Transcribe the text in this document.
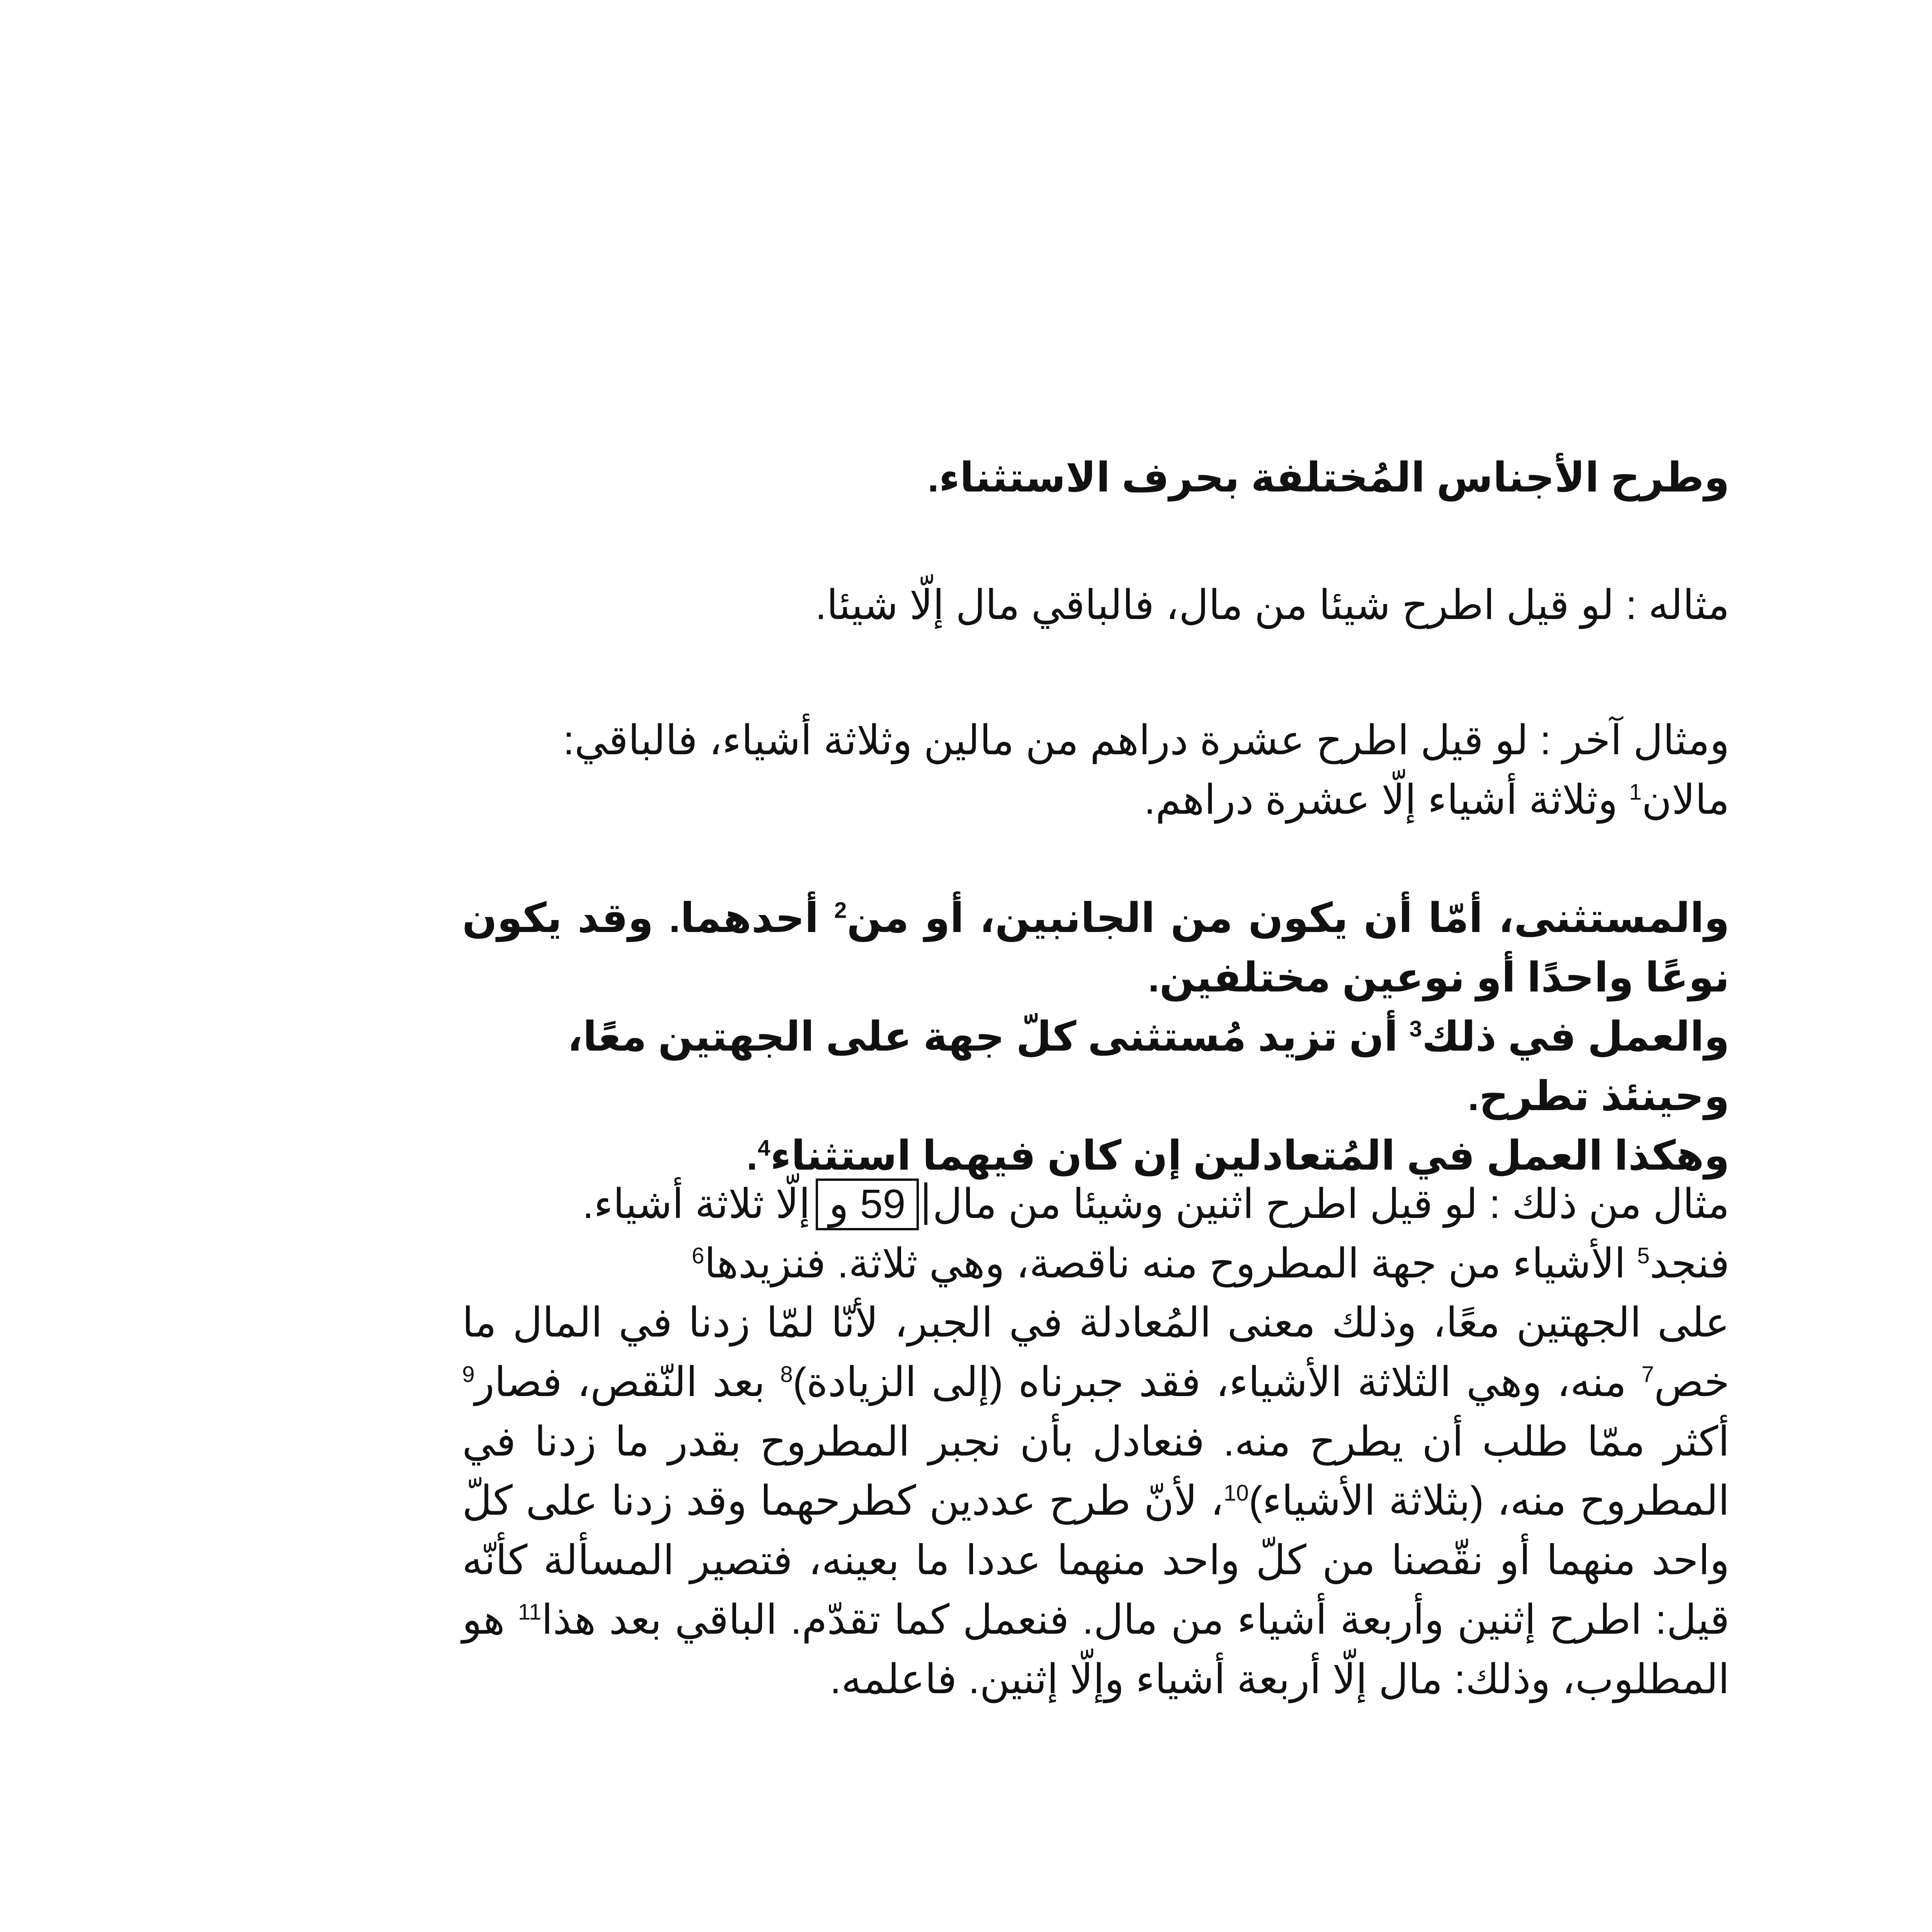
وطرح الأجناس المُختلفة بحرف الاستثناء.

مثاله : لو قيل اطرح شيئا من مال، فالباقي مال إلّا شيئا.

ومثال آخر : لو قيل اطرح عشرة دراهم من مالين وثلاثة أشياء، فالباقي:
مالان$^1$ وثلاثة أشياء إلّا عشرة دراهم.

والمستثنى، أمّا أن يكون من الجانبين، أو من$^2$ أحدهما. وقد يكون نوعًا واحدًا أو نوعين مختلفين.
والعمل في ذلك$^3$ أن تزيد مُستثنى كلّ جهة على الجهتين معًا، وحينئذ تطرح.
وهكذا العمل في المُتعادلين إن كان فيهما استثناء$^4$.
مثال من ذلك : لو قيل اطرح اثنين وشيئا من مال59 وإلّا ثلاثة أشياء.
فنجد$^5$ الأشياء من جهة المطروح منه ناقصة، وهي ثلاثة. فنزيدها$^6$
على الجهتين معًا، وذلك معنى المُعادلة في الجبر، لأنّا لمّا زدنا في المال ما خص$^7$ منه، وهي الثلاثة الأشياء، فقد جبرناه (إلى الزيادة)$^8$ بعد النّقص، فصار$^9$ أكثر ممّا طلب أن يطرح منه. فنعادل بأن نجبر المطروح بقدر ما زدنا في المطروح منه، (بثلاثة الأشياء)$^{10}$، لأنّ طرح عددين كطرحهما وقد زدنا على كلّ واحد منهما أو نقّصنا من كلّ واحد منهما عددا ما بعينه، فتصير المسألة كأنّه قيل: اطرح إثنين وأربعة أشياء من مال. فنعمل كما تقدّم. الباقي بعد هذا$^{11}$ هو المطلوب، وذلك: مال إلّا أربعة أشياء وإلّا إثنين. فاعلمه.
